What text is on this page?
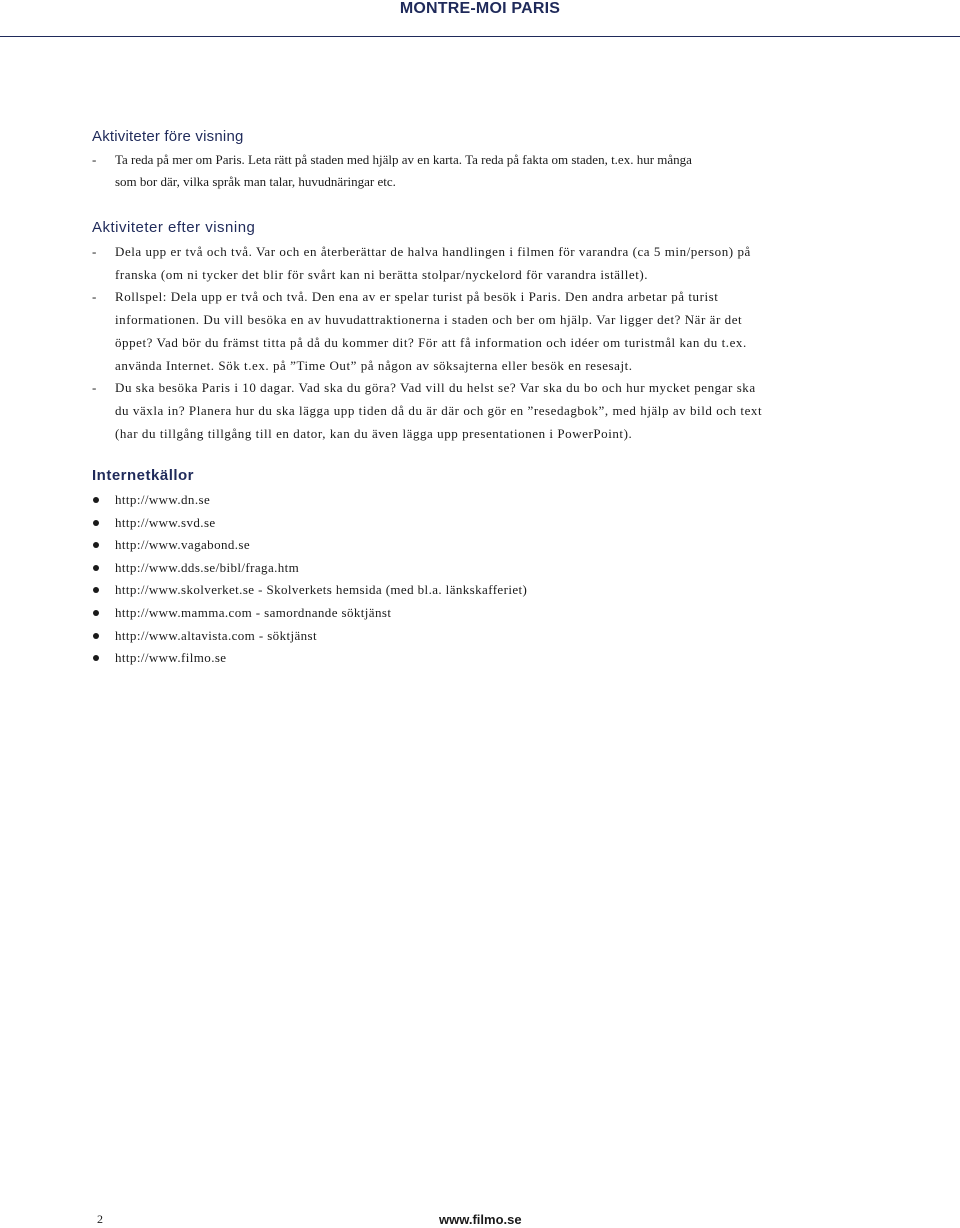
MONTRE-MOI PARIS
Aktiviteter före visning
- Ta reda på mer om Paris. Leta rätt på staden med hjälp av en karta. Ta reda på fakta om staden, t.ex. hur många
som bor där, vilka språk man talar, huvudnäringar etc.
Aktiviteter efter visning
- Dela upp er två och två. Var och en återberättar de halva handlingen i filmen för varandra (ca 5 min/person) på
franska (om ni tycker det blir för svårt kan ni berätta stolpar/nyckelord för varandra istället).
- Rollspel: Dela upp er två och två. Den ena av er spelar turist på besök i Paris. Den andra arbetar på turist
informationen. Du vill besöka en av huvudattraktionerna i staden och ber om hjälp. Var ligger det? När är det
öppet? Vad bör du främst titta på då du kommer dit? För att få information och idéer om turistmål kan du t.ex.
använda Internet. Sök t.ex. på ”Time Out” på någon av söksajterna eller besök en resesajt.
- Du ska besöka Paris i 10 dagar. Vad ska du göra? Vad vill du helst se? Var ska du bo och hur mycket pengar ska
du växla in? Planera hur du ska lägga upp tiden då du är där och gör en ”resedagbok”, med hjälp av bild och text
(har du tillgång tillgång till en dator, kan du även lägga upp presentationen i PowerPoint).
Internetkällor
http://www.dn.se
http://www.svd.se
http://www.vagabond.se
http://www.dds.se/bibl/fraga.htm
http://www.skolverket.se - Skolverkets hemsida (med bl.a. länkskafferiet)
http://www.mamma.com - samordnande söktjänst
http://www.altavista.com - söktjänst
http://www.filmo.se
2	www.filmo.se
